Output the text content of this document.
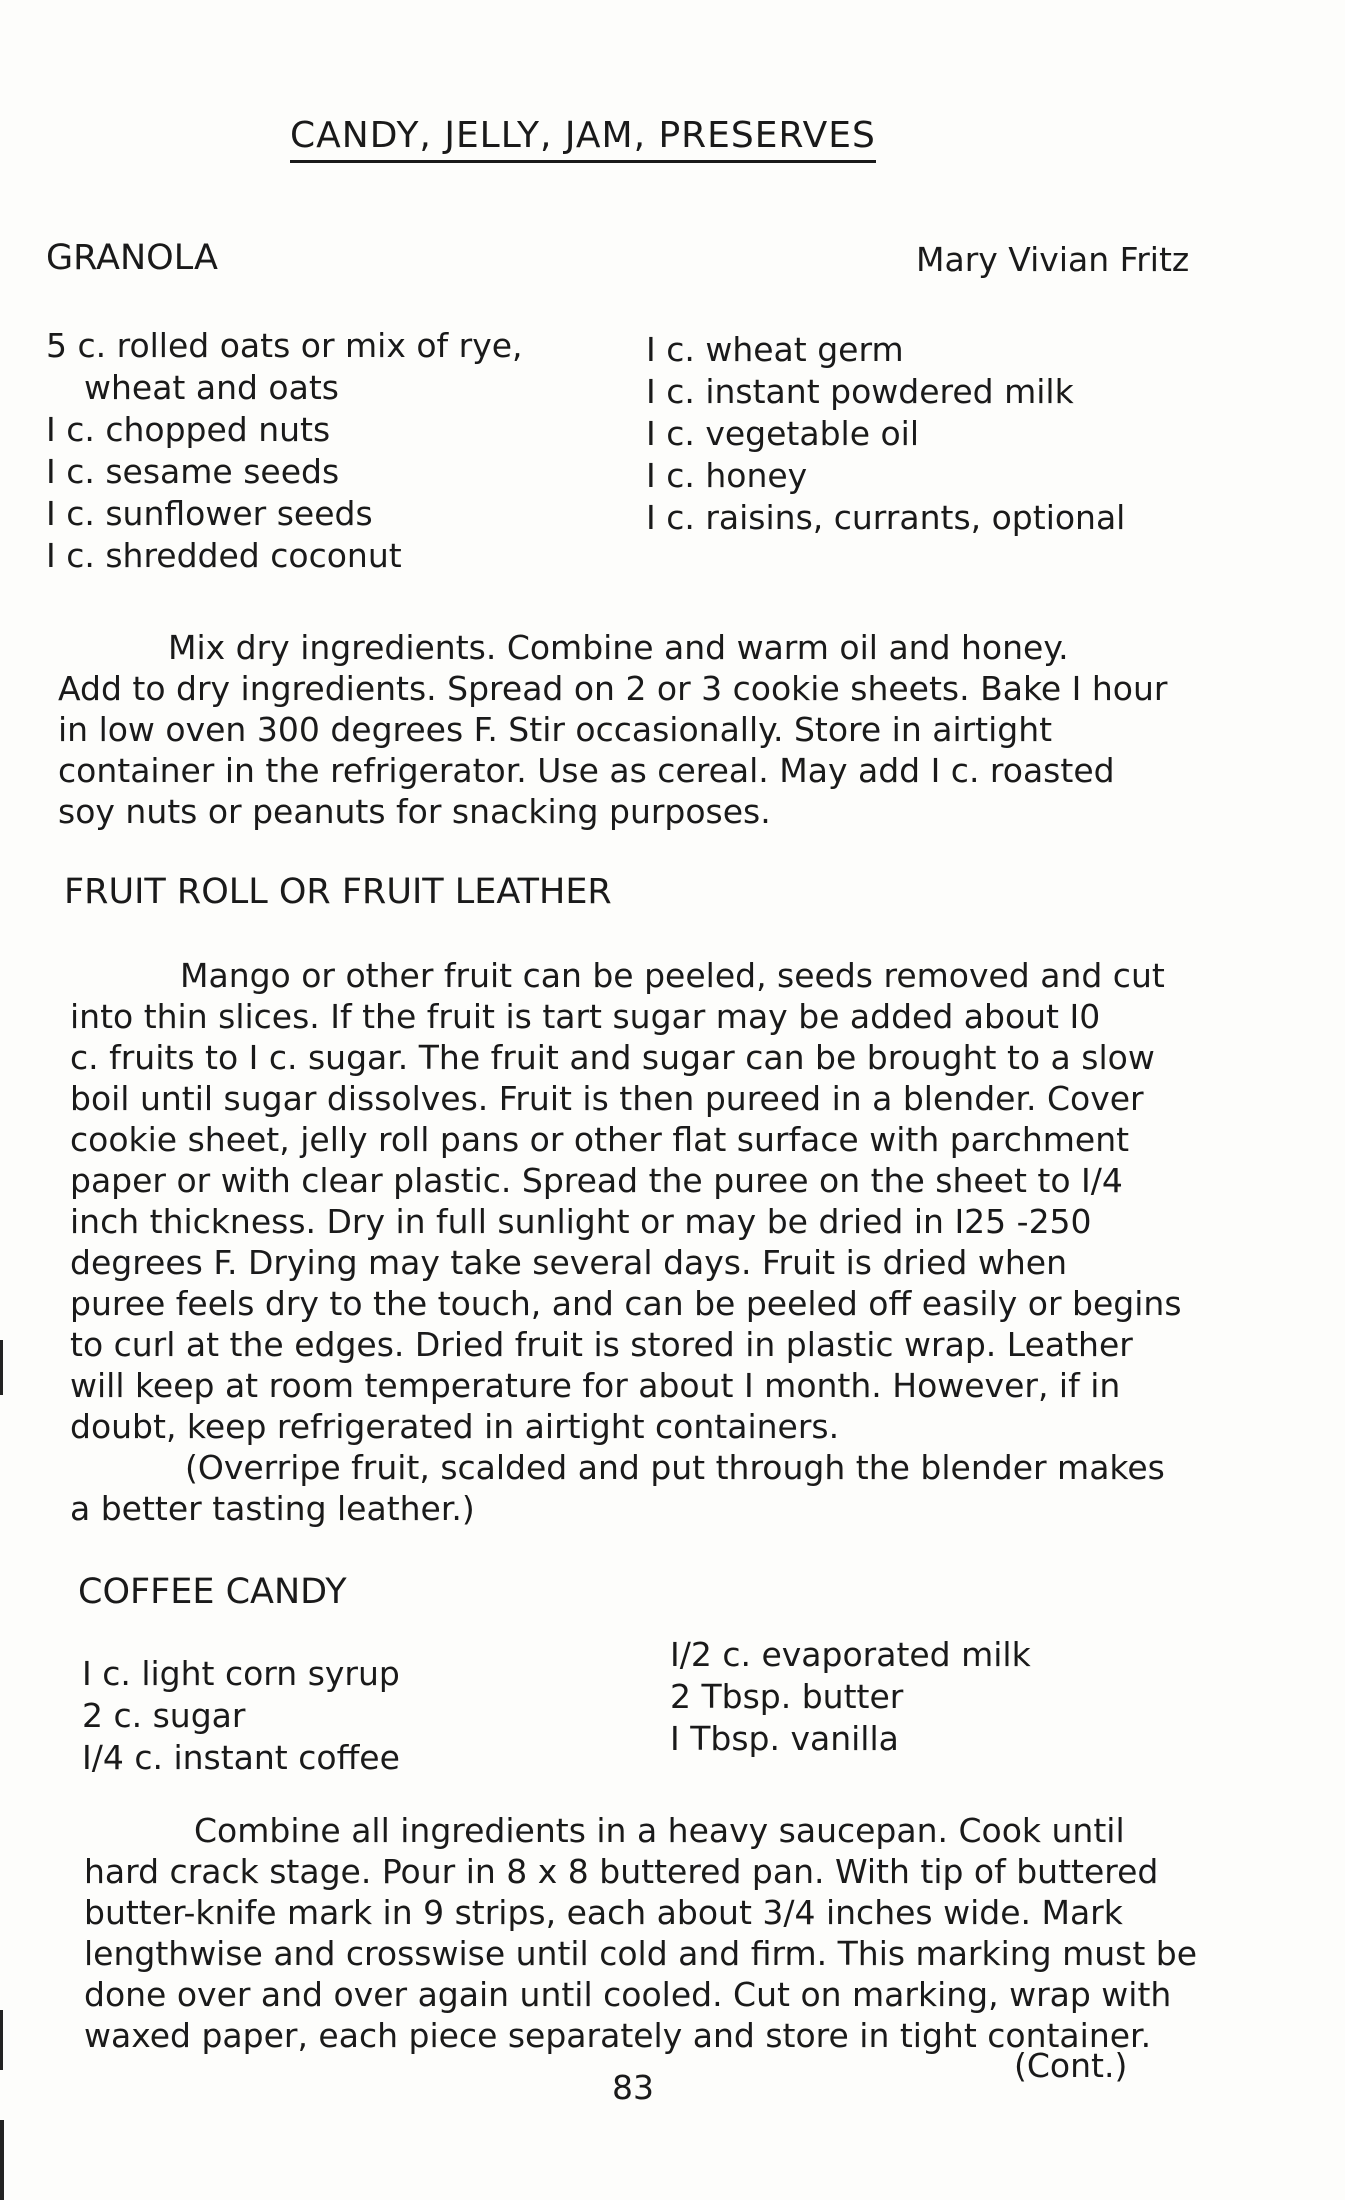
CANDY, JELLY, JAM, PRESERVES
GRANOLA	Mary Vivian Fritz
5 c. rolled oats or mix of rye,
wheat and oats
I c. chopped nuts
I c. sesame seeds
I c. sunflower seeds
I c. shredded coconut
I c. wheat germ
I c. instant powdered milk
I c. vegetable oil
I c. honey
I c. raisins, currants, optional
Mix dry ingredients. Combine and warm oil and honey.
Add to dry ingredients. Spread on 2 or 3 cookie sheets. Bake I hour
in low oven 300 degrees F. Stir occasionally. Store in airtight
container in the refrigerator. Use as cereal. May add I c. roasted
soy nuts or peanuts for snacking purposes.
FRUIT ROLL OR FRUIT LEATHER
Mango or other fruit can be peeled, seeds removed and cut
into thin slices. If the fruit is tart sugar may be added about I0
c. fruits to I c. sugar. The fruit and sugar can be brought to a slow
boil until sugar dissolves. Fruit is then pureed in a blender. Cover
cookie sheet, jelly roll pans or other flat surface with parchment
paper or with clear plastic. Spread the puree on the sheet to I/4
inch thickness. Dry in full sunlight or may be dried in I25 -250
degrees F. Drying may take several days. Fruit is dried when
puree feels dry to the touch, and can be peeled off easily or begins
to curl at the edges. Dried fruit is stored in plastic wrap. Leather
will keep at room temperature for about I month. However, if in
doubt, keep refrigerated in airtight containers.
(Overripe fruit, scalded and put through the blender makes
a better tasting leather.)
COFFEE CANDY
I c. light corn syrup
2 c. sugar
I/4 c. instant coffee
I/2 c. evaporated milk
2 Tbsp. butter
I Tbsp. vanilla
Combine all ingredients in a heavy saucepan. Cook until
hard crack stage. Pour in 8 x 8 buttered pan. With tip of buttered
butter-knife mark in 9 strips, each about 3/4 inches wide. Mark
lengthwise and crosswise until cold and firm. This marking must be
done over and over again until cooled. Cut on marking, wrap with
waxed paper, each piece separately and store in tight container.
(Cont.)
83
